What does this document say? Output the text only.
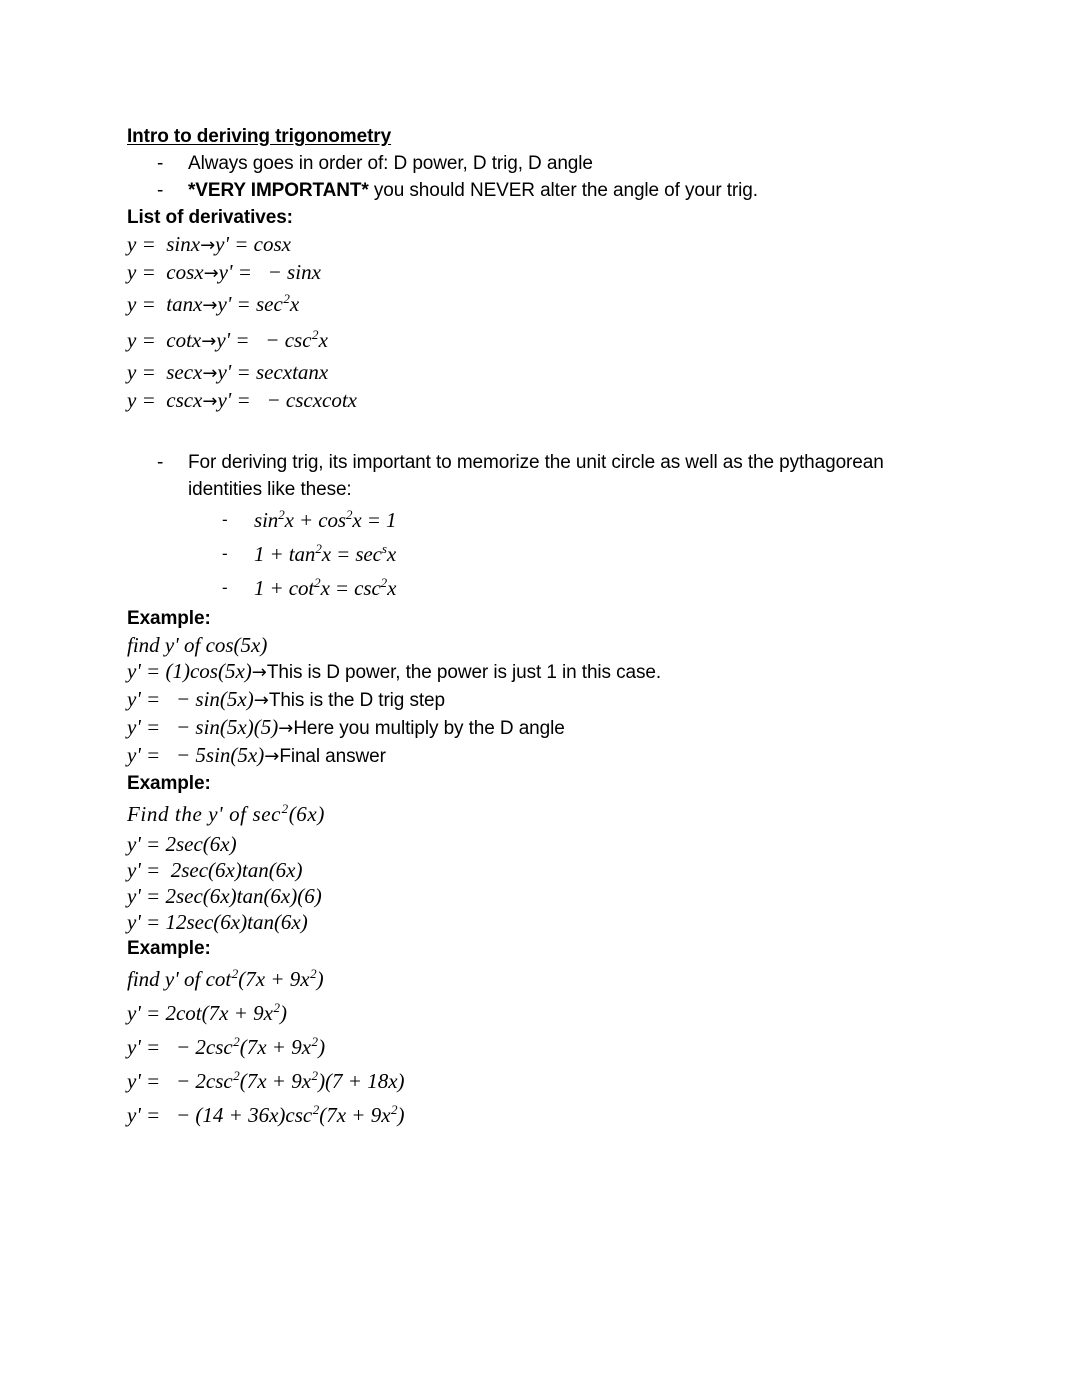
Intro to deriving trigonometry
-	Always goes in order of: D power, D trig, D angle
-	*VERY IMPORTANT* you should NEVER alter the angle of your trig.
List of derivatives:
y =  sinx→y' = cosx
y =  cosx→y' =   − sinx
$y = \tan x\to y' = \sec^2x$
y =  cotx→y' =   − $\csc^2x$
y =  secx→y' = secxtanx
y =  cscx→y' =   − cscxcotx
-	For deriving trig, its important to memorize the unit circle as well as the pythagorean identities like these:
-	$\sin^2x + \cos^2x = 1$
-	$1 + \tan^2x = \sec^sx$
-	$1 + \cot^2x = \csc^2x$
Example:
find y' of cos(5x)
y' = (1)cos(5x)→This is D power, the power is just 1 in this case.
y' =   − sin(5x)→This is the D trig step
y' =   − sin(5x)(5)→Here you multiply by the D angle
y' =   − 5sin(5x)→Final answer
Example:
Find the y' of $\sec^2(6x)$
y' = 2sec(6x)
y' =  2sec(6x)tan(6x)
y' = 2sec(6x)tan(6x)(6)
y' = 12sec(6x)tan(6x)
Example:
find y' of $\cot^2(7x + 9x^2)$
$y' = 2\cot(7x + 9x^2)$
y' =   − $2\csc^2(7x + 9x^2)$
y' =   − $2\csc^2(7x + 9x^2)(7 + 18x)$
y' =   − $(14 + 36x)\csc^2(7x + 9x^2)$
